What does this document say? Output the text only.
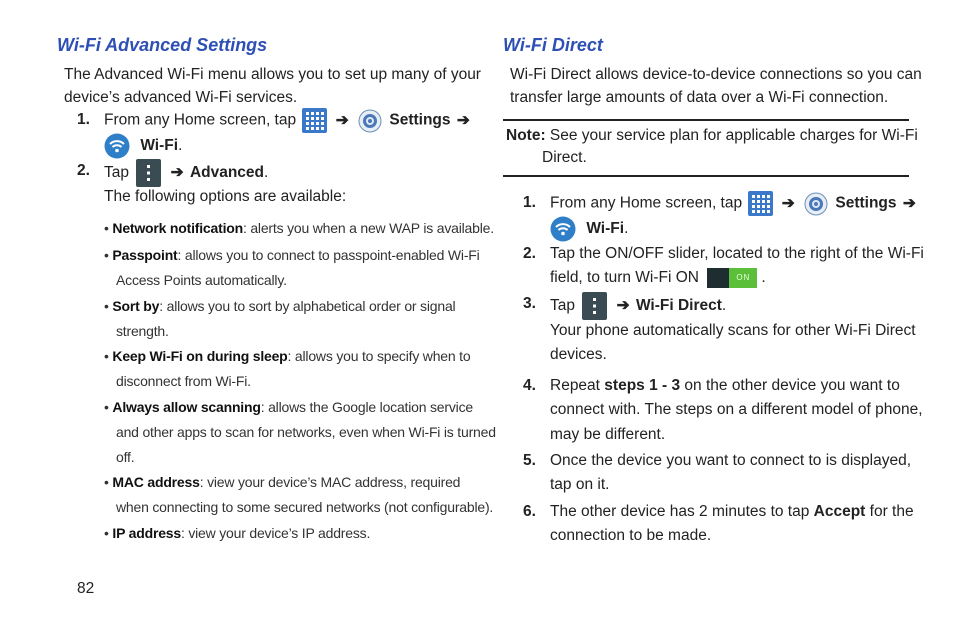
Wi-Fi Advanced Settings
The Advanced Wi-Fi menu allows you to set up many of your
device’s advanced Wi-Fi services.
1. From any Home screen, tap	➔	Settings ➔
Wi-Fi.
2. Tap	➔ Advanced.
The following options are available:
• Network notification: alerts you when a new WAP is available.
• Passpoint: allows you to connect to passpoint-enabled Wi-Fi
Access Points automatically.
• Sort by: allows you to sort by alphabetical order or signal
strength.
• Keep Wi-Fi on during sleep: allows you to specify when to
disconnect from Wi-Fi.
• Always allow scanning: allows the Google location service
and other apps to scan for networks, even when Wi-Fi is turned
off.
• MAC address: view your device’s MAC address, required
when connecting to some secured networks (not configurable).
• IP address: view your device’s IP address.
82
Wi-Fi Direct
Wi-Fi Direct allows device-to-device connections so you can
transfer large amounts of data over a Wi-Fi connection.
Note: See your service plan for applicable charges for Wi-Fi
Direct.
1. From any Home screen, tap	➔	Settings ➔
Wi-Fi.
2. Tap the ON/OFF slider, located to the right of the Wi-Fi
field, to turn Wi-Fi ON	ON .
3. Tap	➔ Wi-Fi Direct.
Your phone automatically scans for other Wi-Fi Direct
devices.
4. Repeat steps 1 - 3 on the other device you want to
connect with. The steps on a different model of phone,
may be different.
5. Once the device you want to connect to is displayed,
tap on it.
6. The other device has 2 minutes to tap Accept for the
connection to be made.
